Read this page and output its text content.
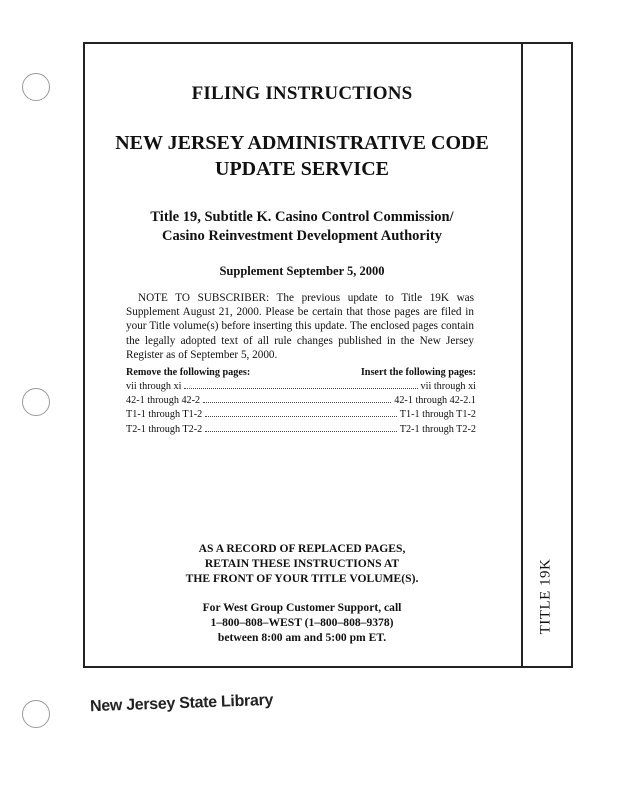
FILING INSTRUCTIONS
NEW JERSEY ADMINISTRATIVE CODE
UPDATE SERVICE
Title 19, Subtitle K. Casino Control Commission/
Casino Reinvestment Development Authority
Supplement September 5, 2000
NOTE TO SUBSCRIBER: The previous update to Title 19K was Supplement August 21, 2000. Please be certain that those pages are filed in your Title volume(s) before inserting this update. The enclosed pages contain the legally adopted text of all rule changes published in the New Jersey Register as of September 5, 2000.
Remove the following pages:	Insert the following pages:
vii through xi	vii through xi
42-1 through 42-2	42-1 through 42-2.1
T1-1 through T1-2	T1-1 through T1-2
T2-1 through T2-2	T2-1 through T2-2
AS A RECORD OF REPLACED PAGES,
RETAIN THESE INSTRUCTIONS AT
THE FRONT OF YOUR TITLE VOLUME(S).
For West Group Customer Support, call
1–800–808–WEST (1–800–808–9378)
between 8:00 am and 5:00 pm ET.
TITLE 19K
New Jersey State Library
